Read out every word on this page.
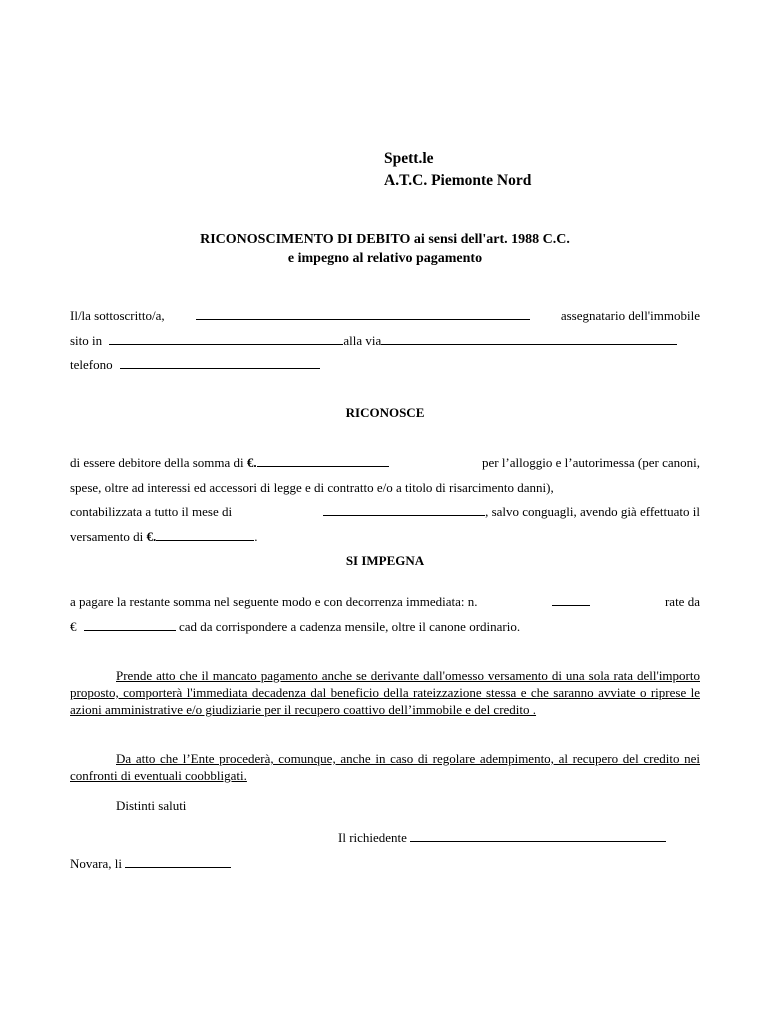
Spett.le
A.T.C. Piemonte Nord
RICONOSCIMENTO DI DEBITO ai sensi dell'art. 1988 C.C.
e impegno al relativo pagamento
Il/la sottoscritto/a,	assegnatario dell'immobile
sito in	alla via
telefono
RICONOSCE
di essere debitore della somma di €.	per l’alloggio e l’autorimessa (per canoni,
spese, oltre ad interessi ed accessori di legge e di contratto e/o a titolo di risarcimento danni),
contabilizzata a tutto il mese di	, salvo conguagli, avendo già effettuato il
versamento di €.	.
SI IMPEGNA
a pagare la restante somma nel seguente modo e con decorrenza immediata: n.	rate da
€	cad da corrispondere a cadenza mensile, oltre il canone ordinario.
Prende atto che il mancato pagamento anche se derivante dall'omesso versamento di una sola rata dell'importo proposto, comporterà l'immediata decadenza dal beneficio della rateizzazione stessa e che saranno avviate o riprese le azioni amministrative e/o giudiziarie per il recupero coattivo dell’immobile e del credito .
Da atto che l’Ente procederà, comunque, anche in caso di regolare adempimento, al recupero del credito nei confronti di eventuali coobbligati.
Distinti saluti
Il richiedente
Novara, li
